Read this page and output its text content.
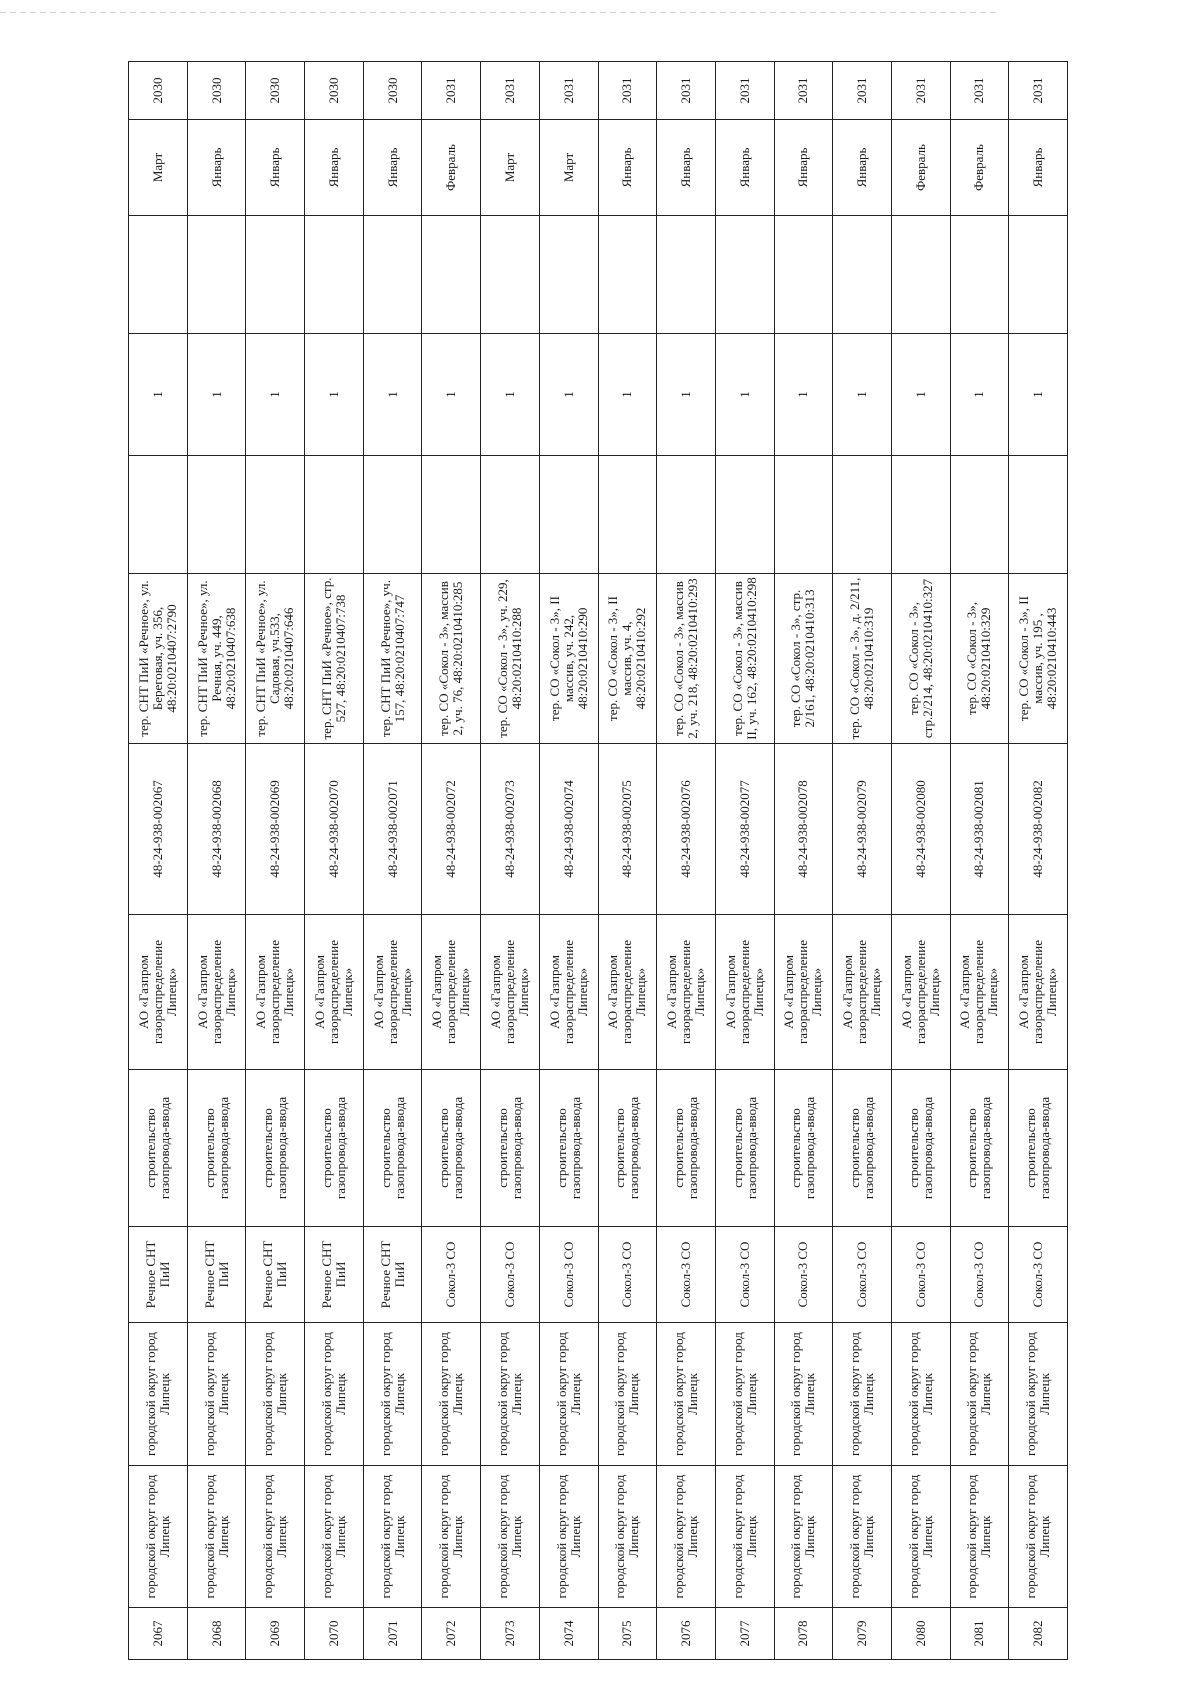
2067	городской округ город Липецк	городской округ город Липецк	Речное СНТ ПиИ	строительство газопровода-ввода	АО «Газпром газораспределение Липецк»	48-24-938-002067	тер. СНТ ПиИ «Речное», ул. Береговая, уч. 356, 48:20:0210407:2790		1		Март	2030
2068	городской округ город Липецк	городской округ город Липецк	Речное СНТ ПиИ	строительство газопровода-ввода	АО «Газпром газораспределение Липецк»	48-24-938-002068	тер. СНТ ПиИ «Речное», ул. Речная, уч. 449, 48:20:0210407:638		1		Январь	2030
2069	городской округ город Липецк	городской округ город Липецк	Речное СНТ ПиИ	строительство газопровода-ввода	АО «Газпром газораспределение Липецк»	48-24-938-002069	тер. СНТ ПиИ «Речное», ул. Садовая, уч.533, 48:20:0210407:646		1		Январь	2030
2070	городской округ город Липецк	городской округ город Липецк	Речное СНТ ПиИ	строительство газопровода-ввода	АО «Газпром газораспределение Липецк»	48-24-938-002070	тер. СНТ ПиИ «Речное», стр. 527, 48:20:0210407:738		1		Январь	2030
2071	городской округ город Липецк	городской округ город Липецк	Речное СНТ ПиИ	строительство газопровода-ввода	АО «Газпром газораспределение Липецк»	48-24-938-002071	тер. СНТ ПиИ «Речное», уч. 157, 48:20:0210407:747		1		Январь	2030
2072	городской округ город Липецк	городской округ город Липецк	Сокол-3 СО	строительство газопровода-ввода	АО «Газпром газораспределение Липецк»	48-24-938-002072	тер. СО «Сокол - 3», массив 2, уч. 76, 48:20:0210410:285		1		Февраль	2031
2073	городской округ город Липецк	городской округ город Липецк	Сокол-3 СО	строительство газопровода-ввода	АО «Газпром газораспределение Липецк»	48-24-938-002073	тер. СО «Сокол - 3», уч. 229, 48:20:0210410:288		1		Март	2031
2074	городской округ город Липецк	городской округ город Липецк	Сокол-3 СО	строительство газопровода-ввода	АО «Газпром газораспределение Липецк»	48-24-938-002074	тер. СО «Сокол - 3», II массив, уч. 242, 48:20:0210410:290		1		Март	2031
2075	городской округ город Липецк	городской округ город Липецк	Сокол-3 СО	строительство газопровода-ввода	АО «Газпром газораспределение Липецк»	48-24-938-002075	тер. СО «Сокол - 3», II массив, уч. 4, 48:20:0210410:292		1		Январь	2031
2076	городской округ город Липецк	городской округ город Липецк	Сокол-3 СО	строительство газопровода-ввода	АО «Газпром газораспределение Липецк»	48-24-938-002076	тер. СО «Сокол - 3», массив 2, уч. 218, 48:20:0210410:293		1		Январь	2031
2077	городской округ город Липецк	городской округ город Липецк	Сокол-3 СО	строительство газопровода-ввода	АО «Газпром газораспределение Липецк»	48-24-938-002077	тер. СО «Сокол - 3», массив II, уч. 162, 48:20:0210410:298		1		Январь	2031
2078	городской округ город Липецк	городской округ город Липецк	Сокол-3 СО	строительство газопровода-ввода	АО «Газпром газораспределение Липецк»	48-24-938-002078	тер. СО «Сокол - 3», стр. 2/161, 48:20:0210410:313		1		Январь	2031
2079	городской округ город Липецк	городской округ город Липецк	Сокол-3 СО	строительство газопровода-ввода	АО «Газпром газораспределение Липецк»	48-24-938-002079	тер. СО «Сокол - 3», д. 2/211, 48:20:0210410:319		1		Январь	2031
2080	городской округ город Липецк	городской округ город Липецк	Сокол-3 СО	строительство газопровода-ввода	АО «Газпром газораспределение Липецк»	48-24-938-002080	тер. СО «Сокол - 3», стр.2/214, 48:20:0210410:327		1		Февраль	2031
2081	городской округ город Липецк	городской округ город Липецк	Сокол-3 СО	строительство газопровода-ввода	АО «Газпром газораспределение Липецк»	48-24-938-002081	тер. СО «Сокол - 3», 48:20:0210410:329		1		Февраль	2031
2082	городской округ город Липецк	городской округ город Липецк	Сокол-3 СО	строительство газопровода-ввода	АО «Газпром газораспределение Липецк»	48-24-938-002082	тер. СО «Сокол - 3», II массив, уч. 195 , 48:20:0210410:443		1		Январь	2031
